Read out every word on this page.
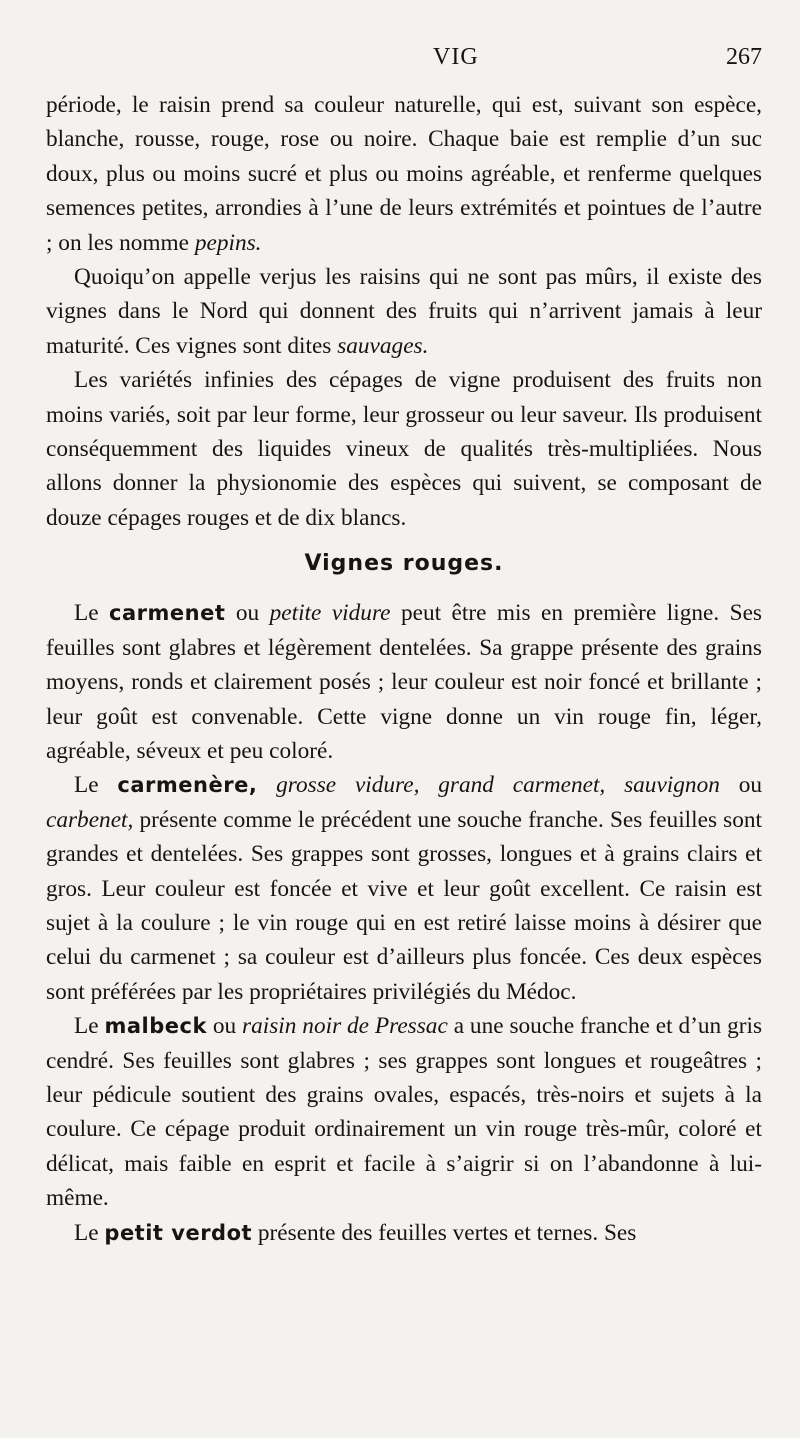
VIG	267

période, le raisin prend sa couleur naturelle, qui est, suivant son espèce, blanche, rousse, rouge, rose ou noire. Chaque baie est remplie d’un suc doux, plus ou moins sucré et plus ou moins agréable, et renferme quelques semences petites, arrondies à l’une de leurs extrémités et pointues de l’autre ; on les nomme pepins.

Quoiqu’on appelle verjus les raisins qui ne sont pas mûrs, il existe des vignes dans le Nord qui donnent des fruits qui n’arrivent jamais à leur maturité. Ces vignes sont dites sauvages.

Les variétés infinies des cépages de vigne produisent des fruits non moins variés, soit par leur forme, leur grosseur ou leur saveur. Ils produisent conséquemment des liquides vineux de qualités très-multipliées. Nous allons donner la physionomie des espèces qui suivent, se composant de douze cépages rouges et de dix blancs.

Vignes rouges.

Le carmenet ou petite vidure peut être mis en première ligne. Ses feuilles sont glabres et légèrement dentelées. Sa grappe présente des grains moyens, ronds et clairement posés ; leur couleur est noir foncé et brillante ; leur goût est convenable. Cette vigne donne un vin rouge fin, léger, agréable, séveux et peu coloré.

Le carmenère, grosse vidure, grand carmenet, sauvignon ou carbenet, présente comme le précédent une souche franche. Ses feuilles sont grandes et dentelées. Ses grappes sont grosses, longues et à grains clairs et gros. Leur couleur est foncée et vive et leur goût excellent. Ce raisin est sujet à la coulure ; le vin rouge qui en est retiré laisse moins à désirer que celui du carmenet ; sa couleur est d’ailleurs plus foncée. Ces deux espèces sont préférées par les propriétaires privilégiés du Médoc.

Le malbeck ou raisin noir de Pressac a une souche franche et d’un gris cendré. Ses feuilles sont glabres ; ses grappes sont longues et rougeâtres ; leur pédicule soutient des grains ovales, espacés, très-noirs et sujets à la coulure. Ce cépage produit ordinairement un vin rouge très-mûr, coloré et délicat, mais faible en esprit et facile à s’aigrir si on l’abandonne à lui-même.

Le petit verdot présente des feuilles vertes et ternes. Ses
